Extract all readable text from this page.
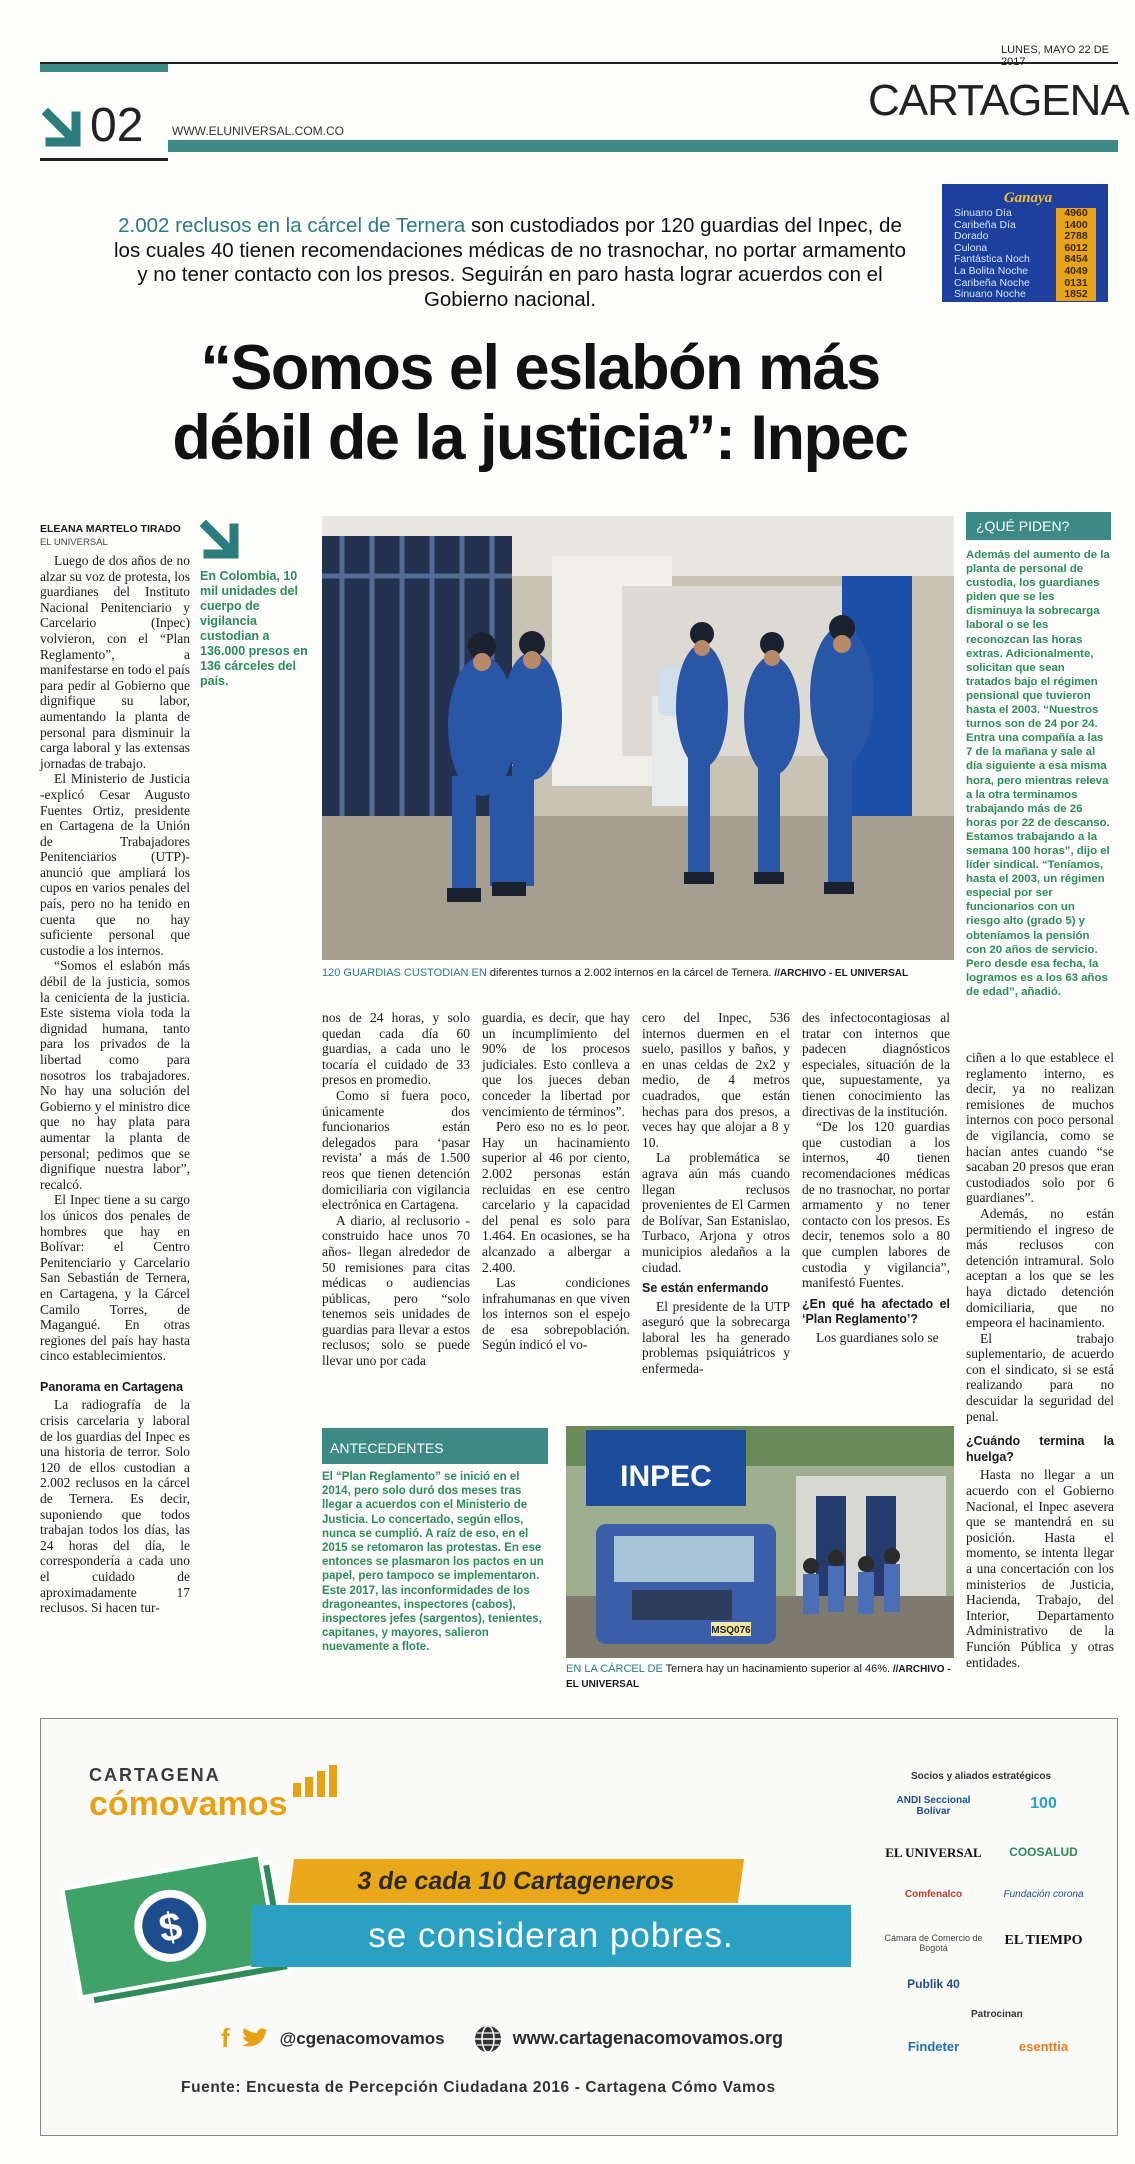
LUNES, MAYO 22 DE
02 WWW.ELUNIVERSAL.COM.CO
CARTAGENA
Ganaya
Sinuano Día	4960
Caribeña Día	1400
Dorado	2788
Culona	6012
Fantástica Noch	8454
La Bolita Noche	4049
Caribeña Noche	0131
Sinuano Noche	1852
2.002 reclusos en la cárcel de Ternera son custodiados por 120 guardias del Inpec, de los cuales 40 tienen recomendaciones médicas de no trasnochar, no portar armamento y no tener contacto con los presos. Seguirán en paro hasta lograr acuerdos con el Gobierno nacional.
“Somos el eslabón más
débil de la justicia”: Inpec
ELEANA MARTELO TIRADO
EL UNIVERSAL

Luego de dos años de no alzar su voz de protesta, los guardianes del Instituto Nacional Penitenciario y Carcelario (Inpec) volvieron, con el “Plan Reglamento”, a manifestarse en todo el país para pedir al Gobierno que dignifique su labor, aumentando la planta de personal para disminuir la carga laboral y las extensas jornadas de trabajo.

El Ministerio de Justicia -explicó Cesar Augusto Fuentes Ortiz, presidente en Cartagena de la Unión de Trabajadores Penitenciarios (UTP)- anunció que ampliará los cupos en varios penales del país, pero no ha tenido en cuenta que no hay suficiente personal que custodie a los internos.

“Somos el eslabón más débil de la justicia, somos la cenicienta de la justicia. Este sistema viola toda la dignidad humana, tanto para los privados de la libertad como para nosotros los trabajadores. No hay una solución del Gobierno y el ministro dice que no hay plata para aumentar la planta de personal; pedimos que se dignifique nuestra labor”, recalcó.

El Inpec tiene a su cargo los únicos dos penales de hombres que hay en Bolívar: el Centro Penitenciario y Carcelario San Sebastián de Ternera, en Cartagena, y la Cárcel Camilo Torres, de Magangué. En otras regiones del país hay hasta cinco establecimientos.

Panorama en Cartagena

La radiografía de la crisis carcelaria y laboral de los guardias del Inpec es una historia de terror. Solo 120 de ellos custodian a 2.002 reclusos en la cárcel de Ternera. Es decir, suponiendo que todos trabajan todos los días, las 24 horas del día, le correspondería a cada uno el cuidado de aproximadamente 17 reclusos. Si hacen tur-

En Colombia, 10 mil unidades del cuerpo de vigilancia custodian a 136.000 presos en 136 cárceles del país.
120 GUARDIAS CUSTODIAN EN diferentes turnos a 2.002 internos en la cárcel de Ternera. //ARCHIVO - EL UNIVERSAL
¿QUÉ PIDEN?
Además del aumento de la planta de personal de custodia, los guardianes piden que se les disminuya la sobrecarga laboral o se les reconozcan las horas extras. Adicionalmente, solicitan que sean tratados bajo el régimen pensional que tuvieron hasta el 2003. “Nuestros turnos son de 24 por 24. Entra una compañía a las 7 de la mañana y sale al día siguiente a esa misma hora, pero mientras releva a la otra terminamos trabajando más de 26 horas por 22 de descanso. Estamos trabajando a la semana 100 horas”, dijo el líder sindical. “Teníamos, hasta el 2003, un régimen especial por ser funcionarios con un riesgo alto (grado 5) y obteníamos la pensión con 20 años de servicio. Pero desde esa fecha, la logramos es a los 63 años de edad”, añadió.

nos de 24 horas, y solo quedan cada día 60 guardias, a cada uno le tocaría el cuidado de 33 presos en promedio.

Como si fuera poco, únicamente dos funcionarios están delegados para ‘pasar revista’ a más de 1.500 reos que tienen detención domiciliaria con vigilancia electrónica en Cartagena.

A diario, al reclusorio -construido hace unos 70 años- llegan alrededor de 50 remisiones para citas médicas o audiencias públicas, pero “solo tenemos seis unidades de guardias para llevar a estos reclusos; solo se puede llevar uno por cada

guardia, es decir, que hay un incumplimiento del 90% de los procesos judiciales. Esto conlleva a que los jueces deban conceder la libertad por vencimiento de términos”.

Pero eso no es lo peor. Hay un hacinamiento superior al 46 por ciento, 2.002 personas están recluidas en ese centro carcelario y la capacidad del penal es solo para 1.464. En ocasiones, se ha alcanzado a albergar a 2.400.

Las condiciones infrahumanas en que viven los internos son el espejo de esa sobrepoblación. Según indicó el vo-

cero del Inpec, 536 internos duermen en el suelo, pasillos y baños, y en unas celdas de 2x2 y medio, de 4 metros cuadrados, que están hechas para dos presos, a veces hay que alojar a 8 y 10.

La problemática se agrava aún más cuando llegan reclusos provenientes de El Carmen de Bolívar, San Estanislao, Turbaco, Arjona y otros municipios aledaños a la ciudad.

Se están enfermando

El presidente de la UTP aseguró que la sobrecarga laboral les ha generado problemas psiquiátricos y enfermeda-

des infectocontagiosas al tratar con internos que padecen diagnósticos especiales, situación de la que, supuestamente, ya tienen conocimiento las directivas de la institución.

“De los 120 guardias que custodian a los internos, 40 tienen recomendaciones médicas de no trasnochar, no portar armamento y no tener contacto con los presos. Es decir, tenemos solo a 80 que cumplen labores de custodia y vigilancia”, manifestó Fuentes.

¿En qué ha afectado el ‘Plan Reglamento’?

Los guardianes solo se

ciñen a lo que establece el reglamento interno, es decir, ya no realizan remisiones de muchos internos con poco personal de vigilancia, como se hacían antes cuando “se sacaban 20 presos que eran custodiados solo por 6 guardianes”.

Además, no están permitiendo el ingreso de más reclusos con detención intramural. Solo aceptan a los que se les haya dictado detención domiciliaria, que no empeora el hacinamiento.

El trabajo suplementario, de acuerdo con el sindicato, si se está realizando para no descuidar la seguridad del penal.

¿Cuándo termina la huelga?

Hasta no llegar a un acuerdo con el Gobierno Nacional, el Inpec asevera que se mantendrá en su posición. Hasta el momento, se intenta llegar a una concertación con los ministerios de Justicia, Hacienda, Trabajo, del Interior, Departamento Administrativo de la Función Pública y otras entidades.

ANTECEDENTES
El “Plan Reglamento” se inició en el 2014, pero solo duró dos meses tras llegar a acuerdos con el Ministerio de Justicia. Lo concertado, según ellos, nunca se cumplió. A raíz de eso, en el 2015 se retomaron las protestas. En ese entonces se plasmaron los pactos en un papel, pero tampoco se implementaron. Este 2017, las inconformidades de los dragoneantes, inspectores (cabos), inspectores jefes (sargentos), tenientes, capitanes, y mayores, salieron nuevamente a flote.
INPEC
MSQ076
EN LA CÁRCEL DE Ternera hay un hacinamiento superior al 46%. //ARCHIVO - EL UNIVERSAL
CARTAGENA
cómovamos
$
3 de cada 10 Cartageneros
se consideran pobres.
f	@cgenacomovamos	www.cartagenacomovamos.org
Fuente: Encuesta de Percepción Ciudadana 2016 - Cartagena Cómo Vamos
Socios y aliados estratégicos
Patrocinan
ANDI Seccional Bolívar	100
EL UNIVERSAL	COOSALUD
Comfenalco	Fundación corona
Cámara de Comercio de Bogotá	EL TIEMPO
Publik 40
Findeter	esenttia
